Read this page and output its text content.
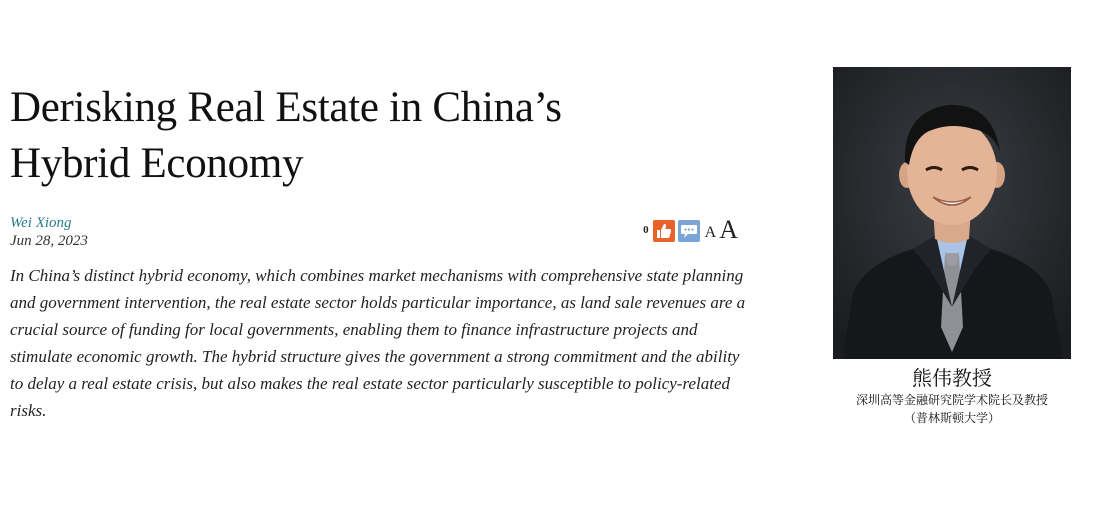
Derisking Real Estate in China’s
Hybrid Economy
Wei Xiong
Jun 28, 2023
0	A A

In China’s distinct hybrid economy, which combines market mechanisms with comprehensive state planning and government intervention, the real estate sector holds particular importance, as land sale revenues are a crucial source of funding for local governments, enabling them to finance infrastructure projects and stimulate economic growth. The hybrid structure gives the government a strong commitment and the ability to delay a real estate crisis, but also makes the real estate sector particularly susceptible to policy-related risks.

熊伟教授
深圳高等金融研究院学术院长及教授
（普林斯顿大学）
